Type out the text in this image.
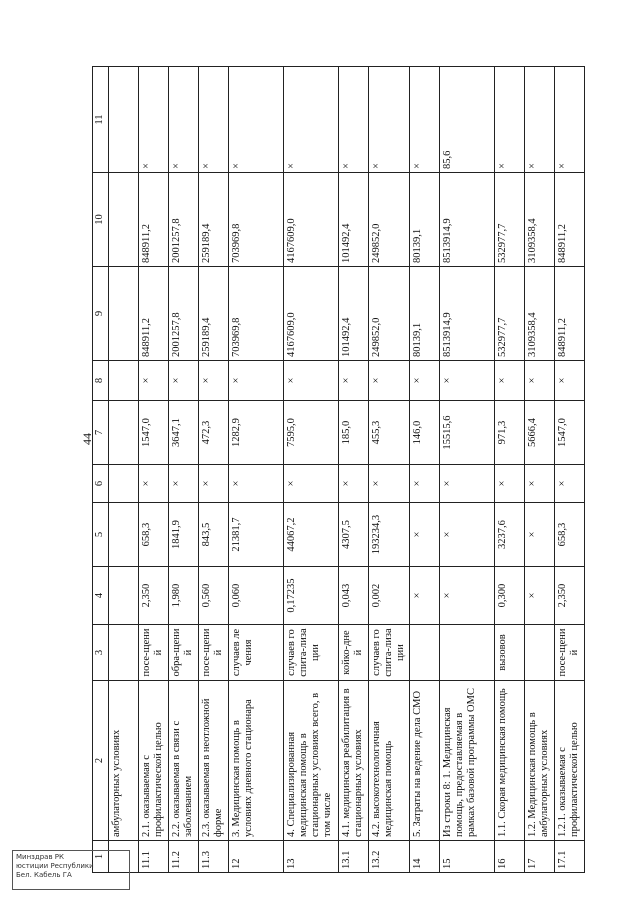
44
1	2	3	4	5	6	7	8	9	10	11
	амбулаторных условиях									
11.1	2.1. оказываемая с профилактической целью	посе-щений	2,350	658,3	×	1547,0	×	848911,2	848911,2	×
11.2	2.2. оказываемая в связи с заболеванием	обра-щений	1,980	1841,9	×	3647,1	×	2001257,8	2001257,8	×
11.3	2.3. оказываемая в неотложной форме	посе-щений	0,560	843,5	×	472,3	×	259189,4	259189,4	×
12	3. Медицинская помощь в условиях дневного стационара	случаев лечения	0,060	21381,7	×	1282,9	×	703969,8	703969,8	×
13	4. Специализированная медицинская помощь в стационарных условиях всего, в том числе	случаев госпита-лизации	0,17235	44067,2	×	7595,0	×	4167609,0	4167609,0	×
13.1	4.1. медицинская реабилитация в стационарных условиях	койко-дней	0,043	4307,5	×	185,0	×	101492,4	101492,4	×
13.2	4.2. высокотехнологичная медицинская помощь	случаев госпита-лизации	0,002	193234,3	×	455,3	×	249852,0	249852,0	×
14	5. Затраты на ведение дела СМО		×	×	×	146,0	×	80139,1	80139,1	×
15	Из строки 8: 1. Медицинская помощь, предоставляемая в рамках базовой программы ОМС		×	×	×	15515,6	×	8513914,9	8513914,9	85,6
16	1.1. Скорая медицинская помощь	вызовов	0,300	3237,6	×	971,3	×	532977,7	532977,7	×
17	1.2. Медицинская помощь в амбулаторных условиях		×	×	×	5666,4	×	3109358,4	3109358,4	×
17.1	1.2.1. оказываемая с профилактической целью	посе-щений	2,350	658,3	×	1547,0	×	848911,2	848911,2	×
Минздрав РК
юстиции Республики
Бел. Кабель ГА
